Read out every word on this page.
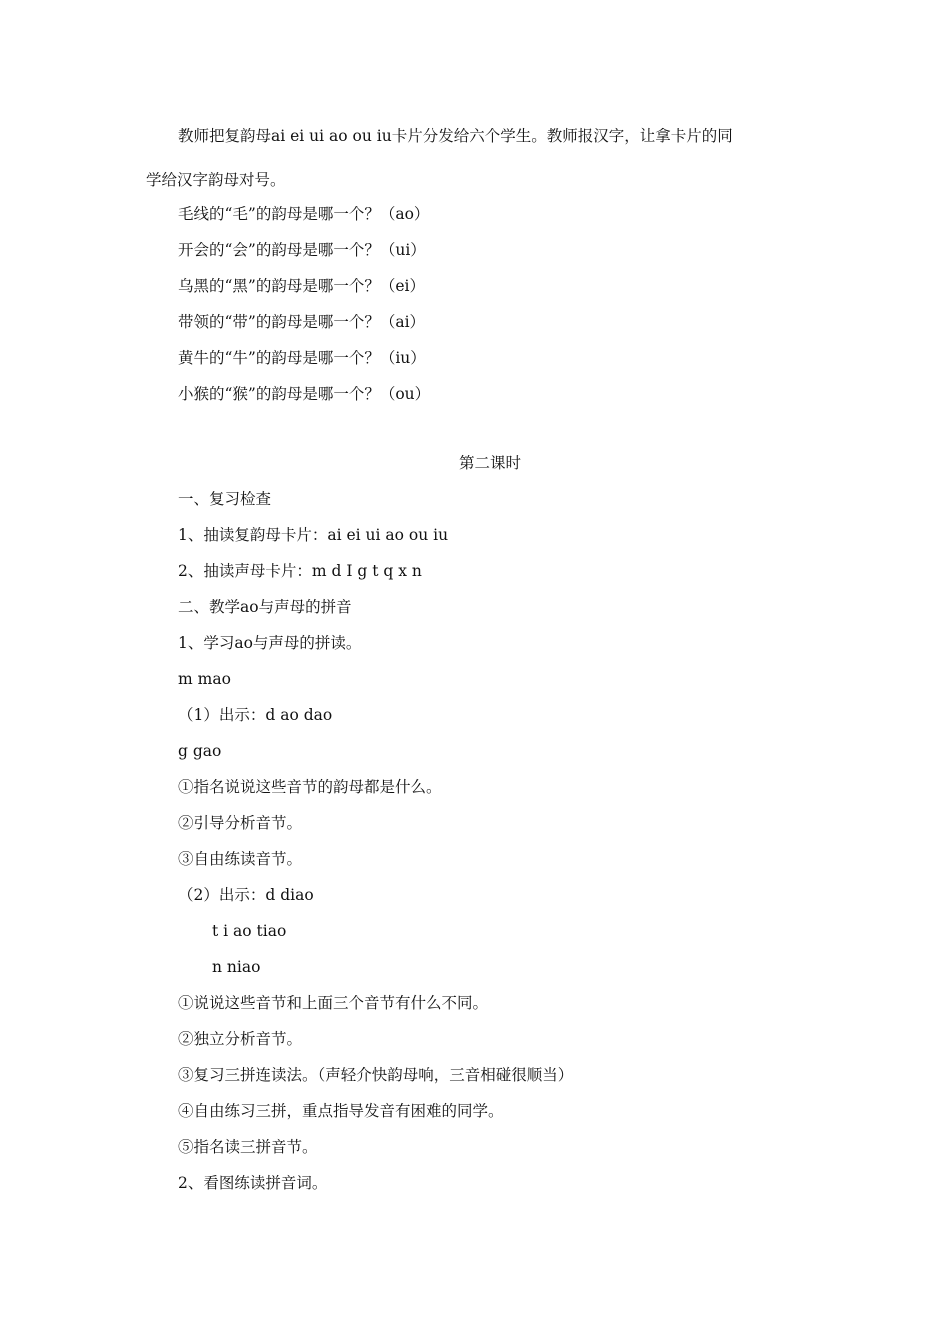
教师把复韵母ai ei ui ao ou iu卡片分发给六个学生。教师报汉字，让拿卡片的同
学给汉字韵母对号。
毛线的“毛”的韵母是哪一个？（ao）
开会的“会”的韵母是哪一个？（ui）
乌黑的“黑”的韵母是哪一个？（ei）
带领的“带”的韵母是哪一个？（ai）
黄牛的“牛”的韵母是哪一个？（iu）
小猴的“猴”的韵母是哪一个？（ou）
第二课时
一、复习检查
1、抽读复韵母卡片：ai ei ui ao ou iu
2、抽读声母卡片：m d I g t q x n
二、教学ao与声母的拼音
1、学习ao与声母的拼读。
m mao
（1）出示：d ao dao
g gao
①指名说说这些音节的韵母都是什么。
②引导分析音节。
③自由练读音节。
（2）出示：d diao
t i ao tiao
n niao
①说说这些音节和上面三个音节有什么不同。
②独立分析音节。
③复习三拼连读法。（声轻介快韵母响，三音相碰很顺当）
④自由练习三拼，重点指导发音有困难的同学。
⑤指名读三拼音节。
2、看图练读拼音词。
